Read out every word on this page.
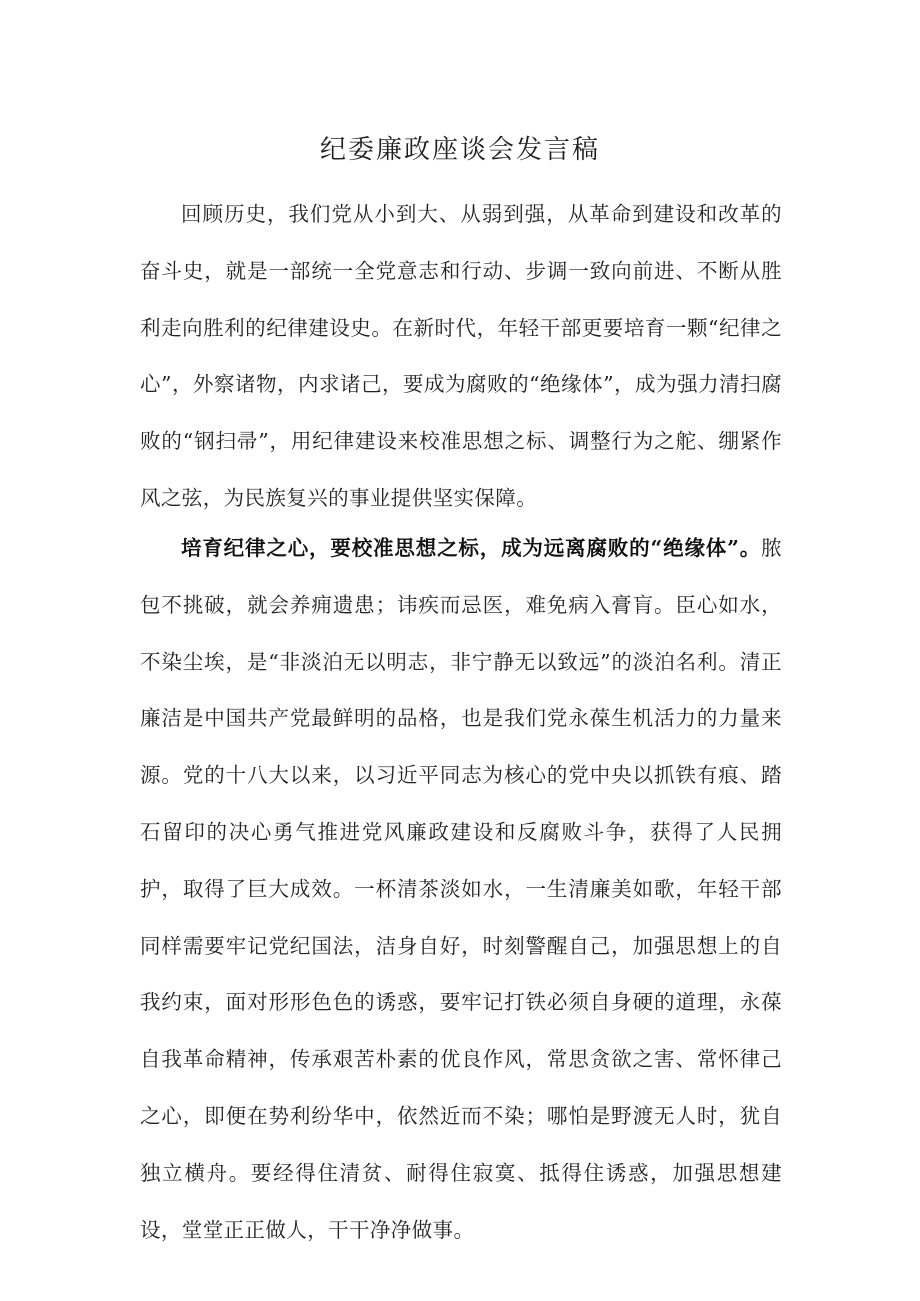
纪委廉政座谈会发言稿

回顾历史，我们党从小到大、从弱到强，从革命到建设和改革的奋斗史，就是一部统一全党意志和行动、步调一致向前进、不断从胜利走向胜利的纪律建设史。在新时代，年轻干部更要培育一颗“纪律之心”，外察诸物，内求诸己，要成为腐败的“绝缘体”，成为强力清扫腐败的“钢扫帚”，用纪律建设来校准思想之标、调整行为之舵、绷紧作风之弦，为民族复兴的事业提供坚实保障。

培育纪律之心，要校准思想之标，成为远离腐败的“绝缘体”。脓包不挑破，就会养痈遗患；讳疾而忌医，难免病入膏肓。臣心如水，不染尘埃，是“非淡泊无以明志，非宁静无以致远”的淡泊名利。清正廉洁是中国共产党最鲜明的品格，也是我们党永葆生机活力的力量来源。党的十八大以来，以习近平同志为核心的党中央以抓铁有痕、踏石留印的决心勇气推进党风廉政建设和反腐败斗争，获得了人民拥护，取得了巨大成效。一杯清茶淡如水，一生清廉美如歌，年轻干部同样需要牢记党纪国法，洁身自好，时刻警醒自己，加强思想上的自我约束，面对形形色色的诱惑，要牢记打铁必须自身硬的道理，永葆自我革命精神，传承艰苦朴素的优良作风，常思贪欲之害、常怀律己之心，即便在势利纷华中，依然近而不染；哪怕是野渡无人时，犹自独立横舟。要经得住清贫、耐得住寂寞、抵得住诱惑，加强思想建设，堂堂正正做人，干干净净做事。
